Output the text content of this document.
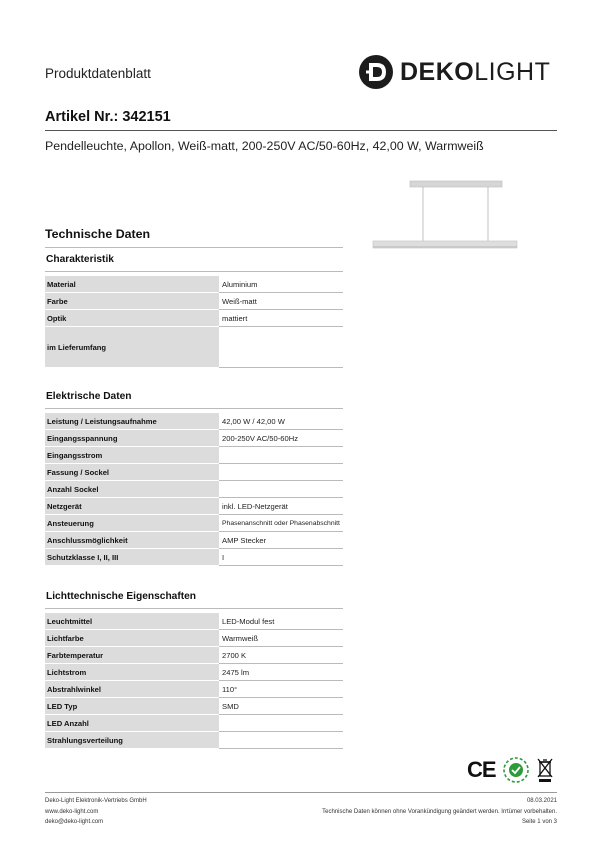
Produktdatenblatt	DEKOLIGHT
Artikel Nr.: 342151
Pendelleuchte, Apollon, Weiß-matt, 200-250V AC/50-60Hz, 42,00 W, Warmweiß
Technische Daten
Charakteristik
Material	Aluminium
Farbe	Weiß-matt
Optik	mattiert
im Lieferumfang	
Elektrische Daten
Leistung / Leistungsaufnahme	42,00 W / 42,00 W
Eingangsspannung	200-250V AC/50-60Hz
Eingangsstrom	
Fassung / Sockel	
Anzahl Sockel	
Netzgerät	inkl. LED-Netzgerät
Ansteuerung	Phasenanschnitt oder Phasenabschnitt
Anschlussmöglichkeit	AMP Stecker
Schutzklasse I, II, III	I
Lichttechnische Eigenschaften
Leuchtmittel	LED-Modul fest
Lichtfarbe	Warmweiß
Farbtemperatur	2700 K
Lichtstrom	2475 lm
Abstrahlwinkel	110°
LED Typ	SMD
LED Anzahl	
Strahlungsverteilung	
CE
Deko-Light Elektronik-Vertriebs GmbH
www.deko-light.com
deko@deko-light.com
08.03.2021
Technische Daten können ohne Vorankündigung geändert werden. Irrtümer vorbehalten.
Seite 1 von 3
